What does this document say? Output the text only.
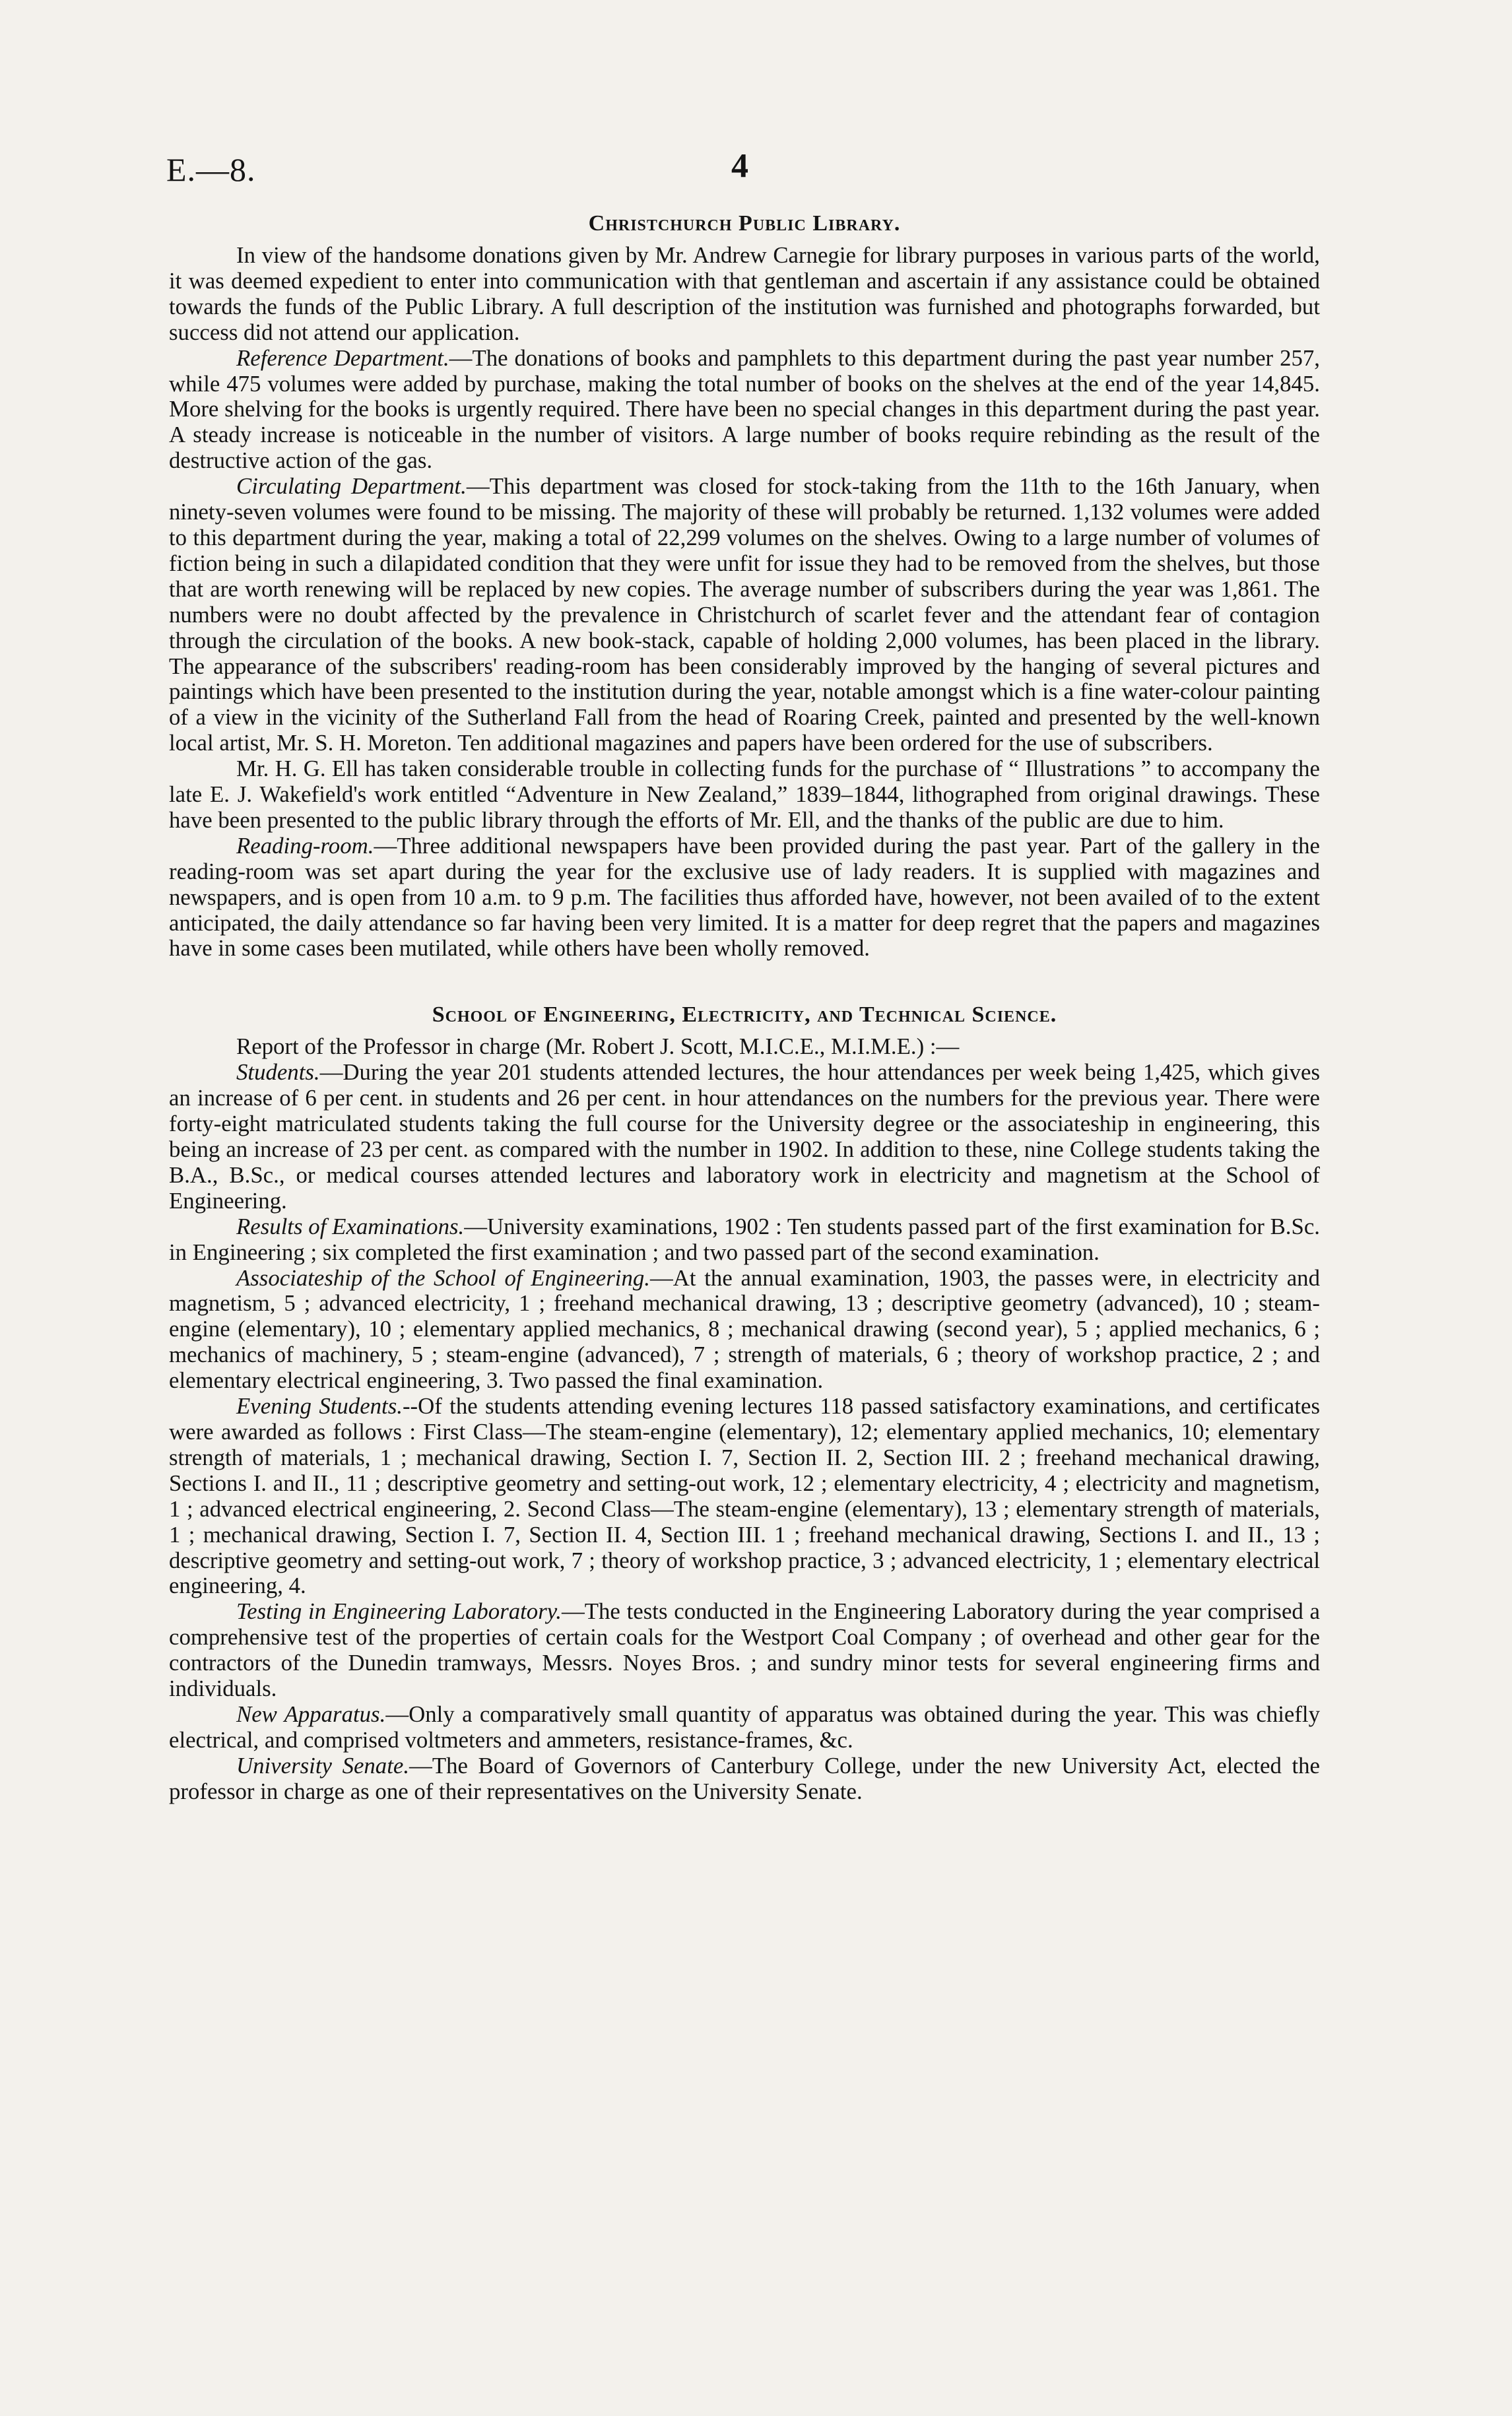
E.—8.	4
Christchurch Public Library.

In view of the handsome donations given by Mr. Andrew Carnegie for library purposes in various parts of the world, it was deemed expedient to enter into communication with that gentleman and ascertain if any assistance could be obtained towards the funds of the Public Library. A full description of the institution was furnished and photographs forwarded, but success did not attend our application.

Reference Department.—The donations of books and pamphlets to this department during the past year number 257, while 475 volumes were added by purchase, making the total number of books on the shelves at the end of the year 14,845. More shelving for the books is urgently required. There have been no special changes in this department during the past year. A steady increase is noticeable in the number of visitors. A large number of books require rebinding as the result of the destructive action of the gas.

Circulating Department.—This department was closed for stock-taking from the 11th to the 16th January, when ninety-seven volumes were found to be missing. The majority of these will probably be returned. 1,132 volumes were added to this department during the year, making a total of 22,299 volumes on the shelves. Owing to a large number of volumes of fiction being in such a dilapidated condition that they were unfit for issue they had to be removed from the shelves, but those that are worth renewing will be replaced by new copies. The average number of subscribers during the year was 1,861. The numbers were no doubt affected by the prevalence in Christchurch of scarlet fever and the attendant fear of contagion through the circulation of the books. A new book-stack, capable of holding 2,000 volumes, has been placed in the library. The appearance of the subscribers' reading-room has been considerably improved by the hanging of several pictures and paintings which have been presented to the institution during the year, notable amongst which is a fine water-colour painting of a view in the vicinity of the Sutherland Fall from the head of Roaring Creek, painted and presented by the well-known local artist, Mr. S. H. Moreton. Ten additional magazines and papers have been ordered for the use of subscribers.

Mr. H. G. Ell has taken considerable trouble in collecting funds for the purchase of “ Illustrations ” to accompany the late E. J. Wakefield's work entitled “Adventure in New Zealand,” 1839–1844, lithographed from original drawings. These have been presented to the public library through the efforts of Mr. Ell, and the thanks of the public are due to him.

Reading-room.—Three additional newspapers have been provided during the past year. Part of the gallery in the reading-room was set apart during the year for the exclusive use of lady readers. It is supplied with magazines and newspapers, and is open from 10 a.m. to 9 p.m. The facilities thus afforded have, however, not been availed of to the extent anticipated, the daily attendance so far having been very limited. It is a matter for deep regret that the papers and magazines have in some cases been mutilated, while others have been wholly removed.

School of Engineering, Electricity, and Technical Science.

Report of the Professor in charge (Mr. Robert J. Scott, M.I.C.E., M.I.M.E.) :—

Students.—During the year 201 students attended lectures, the hour attendances per week being 1,425, which gives an increase of 6 per cent. in students and 26 per cent. in hour attendances on the numbers for the previous year. There were forty-eight matriculated students taking the full course for the University degree or the associateship in engineering, this being an increase of 23 per cent. as compared with the number in 1902. In addition to these, nine College students taking the B.A., B.Sc., or medical courses attended lectures and laboratory work in electricity and magnetism at the School of Engineering.

Results of Examinations.—University examinations, 1902 : Ten students passed part of the first examination for B.Sc. in Engineering ; six completed the first examination ; and two passed part of the second examination.

Associateship of the School of Engineering.—At the annual examination, 1903, the passes were, in electricity and magnetism, 5 ; advanced electricity, 1 ; freehand mechanical drawing, 13 ; descriptive geometry (advanced), 10 ; steam-engine (elementary), 10 ; elementary applied mechanics, 8 ; mechanical drawing (second year), 5 ; applied mechanics, 6 ; mechanics of machinery, 5 ; steam-engine (advanced), 7 ; strength of materials, 6 ; theory of workshop practice, 2 ; and elementary electrical engineering, 3. Two passed the final examination.

Evening Students.--Of the students attending evening lectures 118 passed satisfactory examinations, and certificates were awarded as follows : First Class—The steam-engine (elementary), 12; elementary applied mechanics, 10; elementary strength of materials, 1 ; mechanical drawing, Section I. 7, Section II. 2, Section III. 2 ; freehand mechanical drawing, Sections I. and II., 11 ; descriptive geometry and setting-out work, 12 ; elementary electricity, 4 ; electricity and magnetism, 1 ; advanced electrical engineering, 2. Second Class—The steam-engine (elementary), 13 ; elementary strength of materials, 1 ; mechanical drawing, Section I. 7, Section II. 4, Section III. 1 ; freehand mechanical drawing, Sections I. and II., 13 ; descriptive geometry and setting-out work, 7 ; theory of workshop practice, 3 ; advanced electricity, 1 ; elementary electrical engineering, 4.

Testing in Engineering Laboratory.—The tests conducted in the Engineering Laboratory during the year comprised a comprehensive test of the properties of certain coals for the Westport Coal Company ; of overhead and other gear for the contractors of the Dunedin tramways, Messrs. Noyes Bros. ; and sundry minor tests for several engineering firms and individuals.

New Apparatus.—Only a comparatively small quantity of apparatus was obtained during the year. This was chiefly electrical, and comprised voltmeters and ammeters, resistance-frames, &c.

University Senate.—The Board of Governors of Canterbury College, under the new University Act, elected the professor in charge as one of their representatives on the University Senate.
